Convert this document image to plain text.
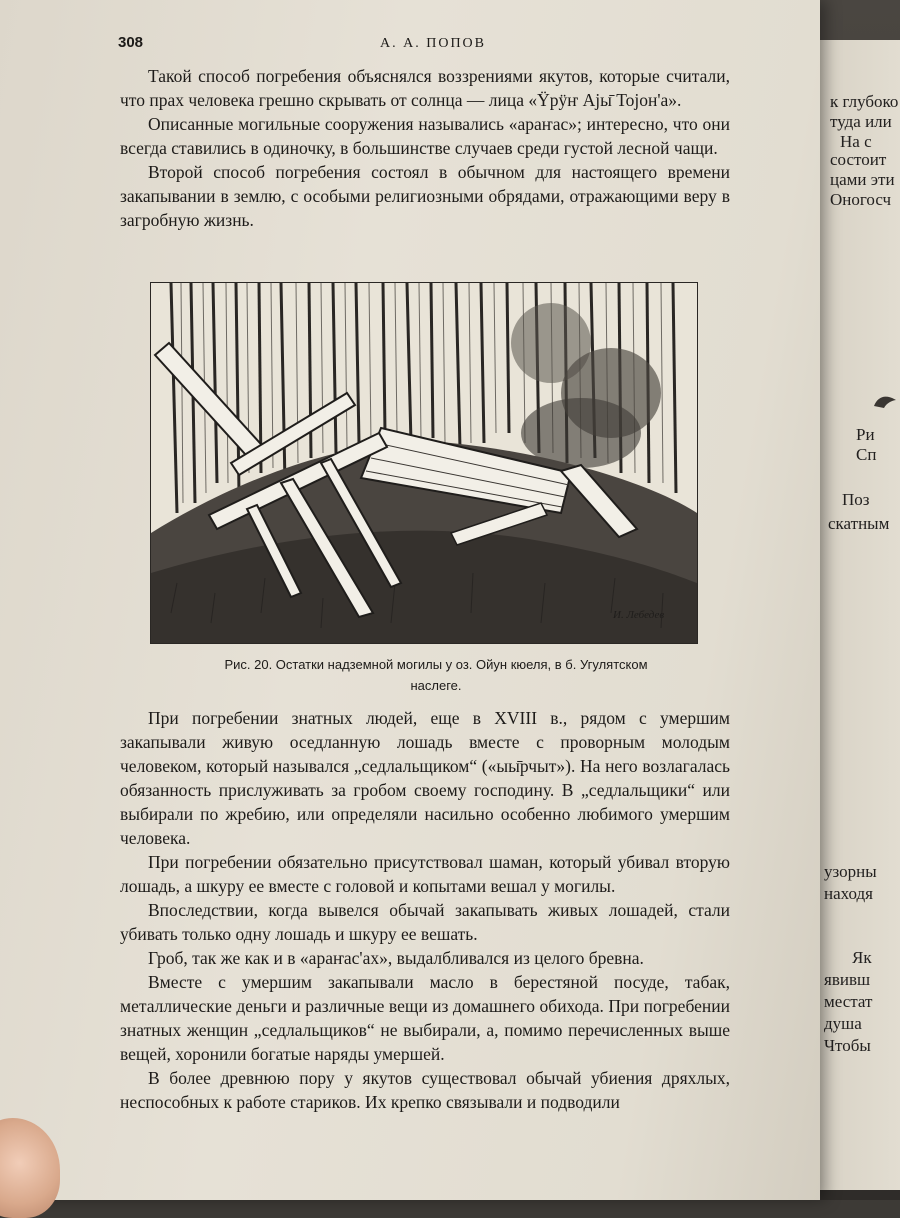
к глубоко
туда или
На с
состоит
цами эти
Оногосч
Ри
Сп
Поз
скатным
узорны
находя
Як
явивш
местат
душа
Чтобы
308	А. А. ПОПОВ

Такой способ погребения объяснялся воззрениями якутов, которые считали, что прах человека грешно скрывать от солнца — лица «Ÿрÿҥ Аjы̄ Тојон'а».

Описанные могильные сооружения назывались «араҥас»; интересно, что они всегда ставились в одиночку, в большинстве случаев среди густой лесной чащи.

Второй способ погребения состоял в обычном для настоящего времени закапывании в землю, с особыми религиозными обрядами, отражающими веру в загробную жизнь.

И. Лебедев
Рис. 20. Остатки надземной могилы у оз. Ойун кюеля, в б. Угулятском
наслеге.

При погребении знатных людей, еще в XVIII в., рядом с умершим закапывали живую оседланную лошадь вместе с проворным молодым человеком, который назывался „седлальщиком“ («ыы̄рчыт»). На него возлагалась обязанность прислуживать за гробом своему господину. В „седлальщики“ или выбирали по жребию, или определяли насильно особенно любимого умершим человека.

При погребении обязательно присутствовал шаман, который убивал вторую лошадь, а шкуру ее вместе с головой и копытами вешал у могилы.

Впоследствии, когда вывелся обычай закапывать живых лошадей, стали убивать только одну лошадь и шкуру ее вешать.

Гроб, так же как и в «араҥас'ах», выдалбливался из целого бревна.

Вместе с умершим закапывали масло в берестяной посуде, табак, металлические деньги и различные вещи из домашнего обихода. При погребении знатных женщин „седлальщиков“ не выбирали, а, помимо перечисленных выше вещей, хоронили богатые наряды умершей.

В более древнюю пору у якутов существовал обычай убиения дряхлых, неспособных к работе стариков. Их крепко связывали и подводили
